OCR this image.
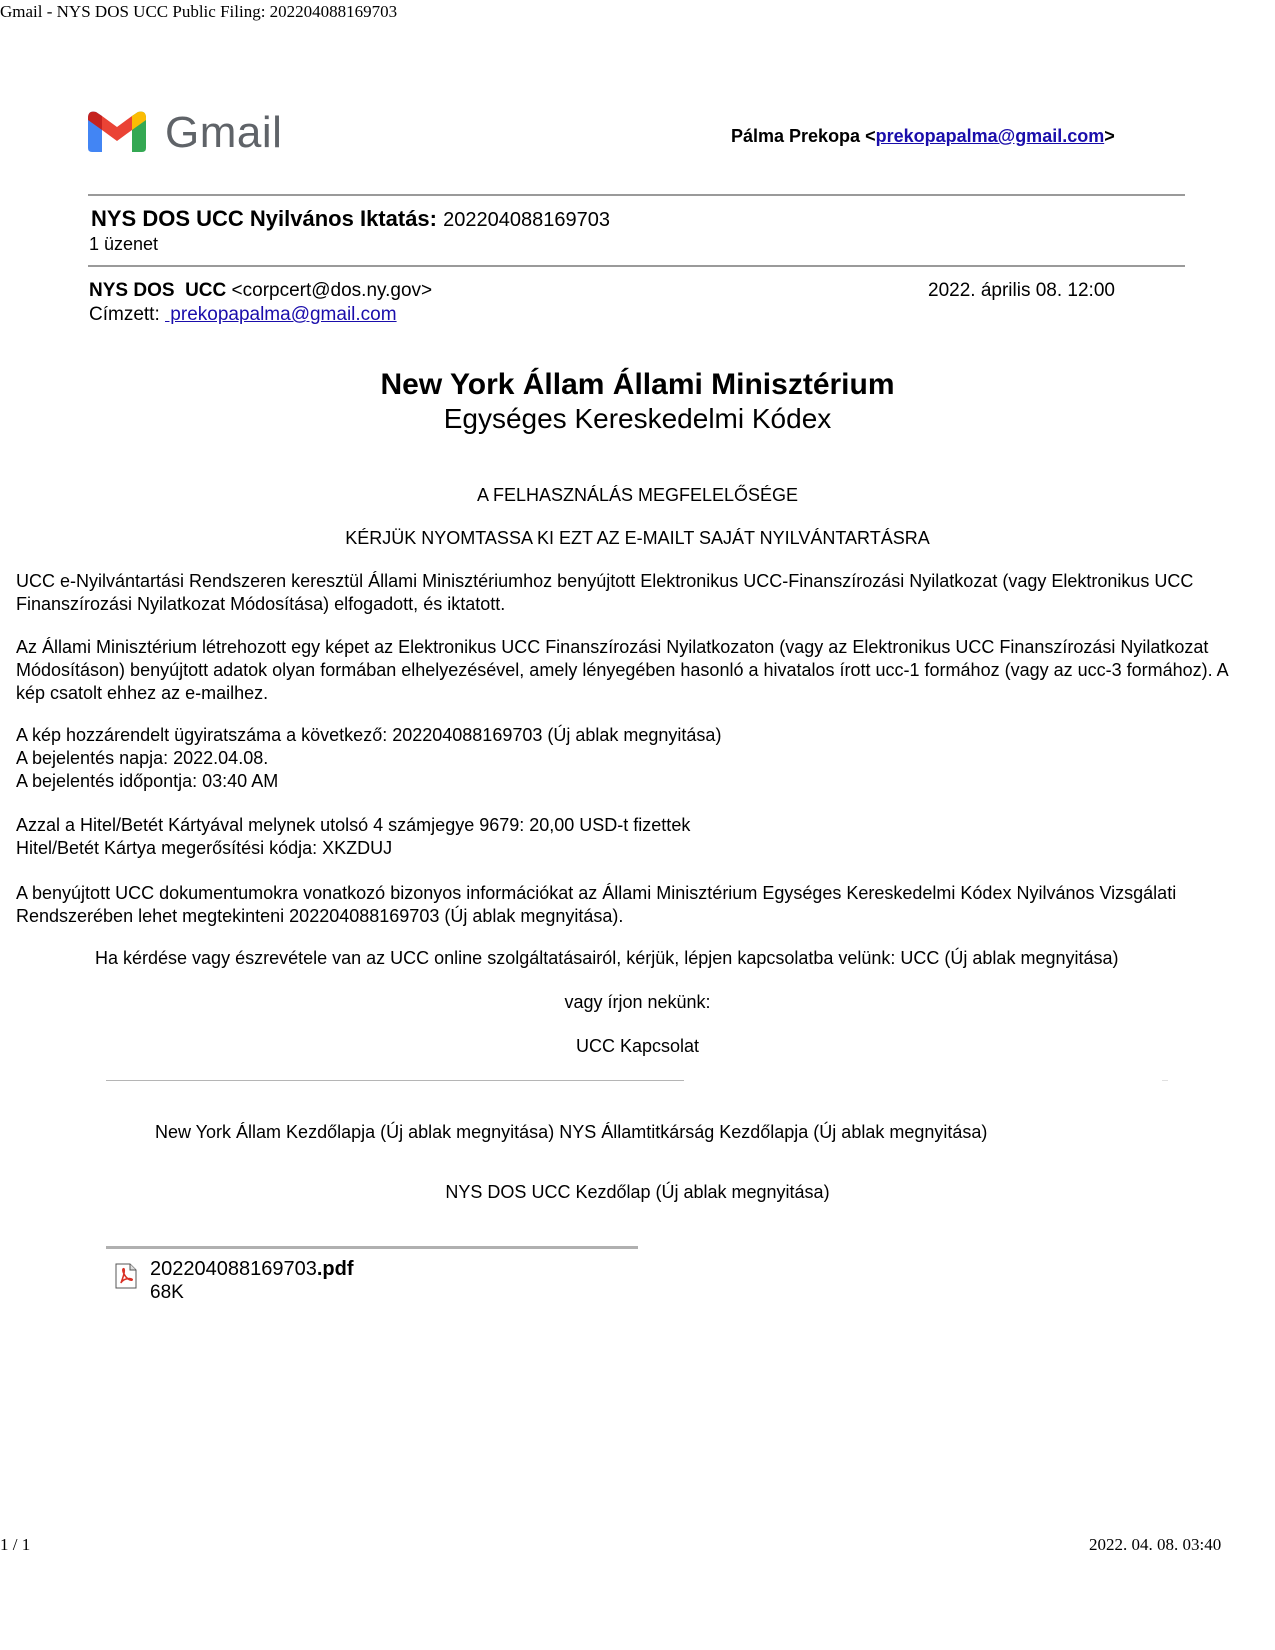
Gmail - NYS DOS UCC Public Filing: 202204088169703
Gmail	Pálma Prekopa <prekopapalma@gmail.com>
NYS DOS UCC Nyilvános Iktatás: 202204088169703
1 üzenet
NYS DOS  UCC <corpcert@dos.ny.gov>	2022. április 08. 12:00
Címzett:  prekopapalma@gmail.com
New York Állam Állami Minisztérium
Egységes Kereskedelmi Kódex
A FELHASZNÁLÁS MEGFELELŐSÉGE
KÉRJÜK NYOMTASSA KI EZT AZ E-MAILT SAJÁT NYILVÁNTARTÁSRA
UCC e-Nyilvántartási Rendszeren keresztül Állami Minisztériumhoz benyújtott Elektronikus UCC-Finanszírozási Nyilatkozat (vagy Elektronikus UCC Finanszírozási Nyilatkozat Módosítása) elfogadott, és iktatott.
Az Állami Minisztérium létrehozott egy képet az Elektronikus UCC Finanszírozási Nyilatkozaton (vagy az Elektronikus UCC Finanszírozási Nyilatkozat Módosításon) benyújtott adatok olyan formában elhelyezésével, amely lényegében hasonló a hivatalos írott ucc-1 formához (vagy az ucc-3 formához). A kép csatolt ehhez az e-mailhez.
A kép hozzárendelt ügyiratszáma a következő: 202204088169703 (Új ablak megnyitása)
A bejelentés napja: 2022.04.08.
A bejelentés időpontja: 03:40 AM
Azzal a Hitel/Betét Kártyával melynek utolsó 4 számjegye 9679: 20,00 USD-t fizettek
Hitel/Betét Kártya megerősítési kódja: XKZDUJ
A benyújtott UCC dokumentumokra vonatkozó bizonyos információkat az Állami Minisztérium Egységes Kereskedelmi Kódex Nyilvános Vizsgálati Rendszerében lehet megtekinteni 202204088169703 (Új ablak megnyitása).
Ha kérdése vagy észrevétele van az UCC online szolgáltatásairól, kérjük, lépjen kapcsolatba velünk: UCC (Új ablak megnyitása)
vagy írjon nekünk:
UCC Kapcsolat
New York Állam Kezdőlapja (Új ablak megnyitása) NYS Államtitkárság Kezdőlapja (Új ablak megnyitása)
NYS DOS UCC Kezdőlap (Új ablak megnyitása)
202204088169703.pdf
68K
1 / 1	2022. 04. 08. 03:40
